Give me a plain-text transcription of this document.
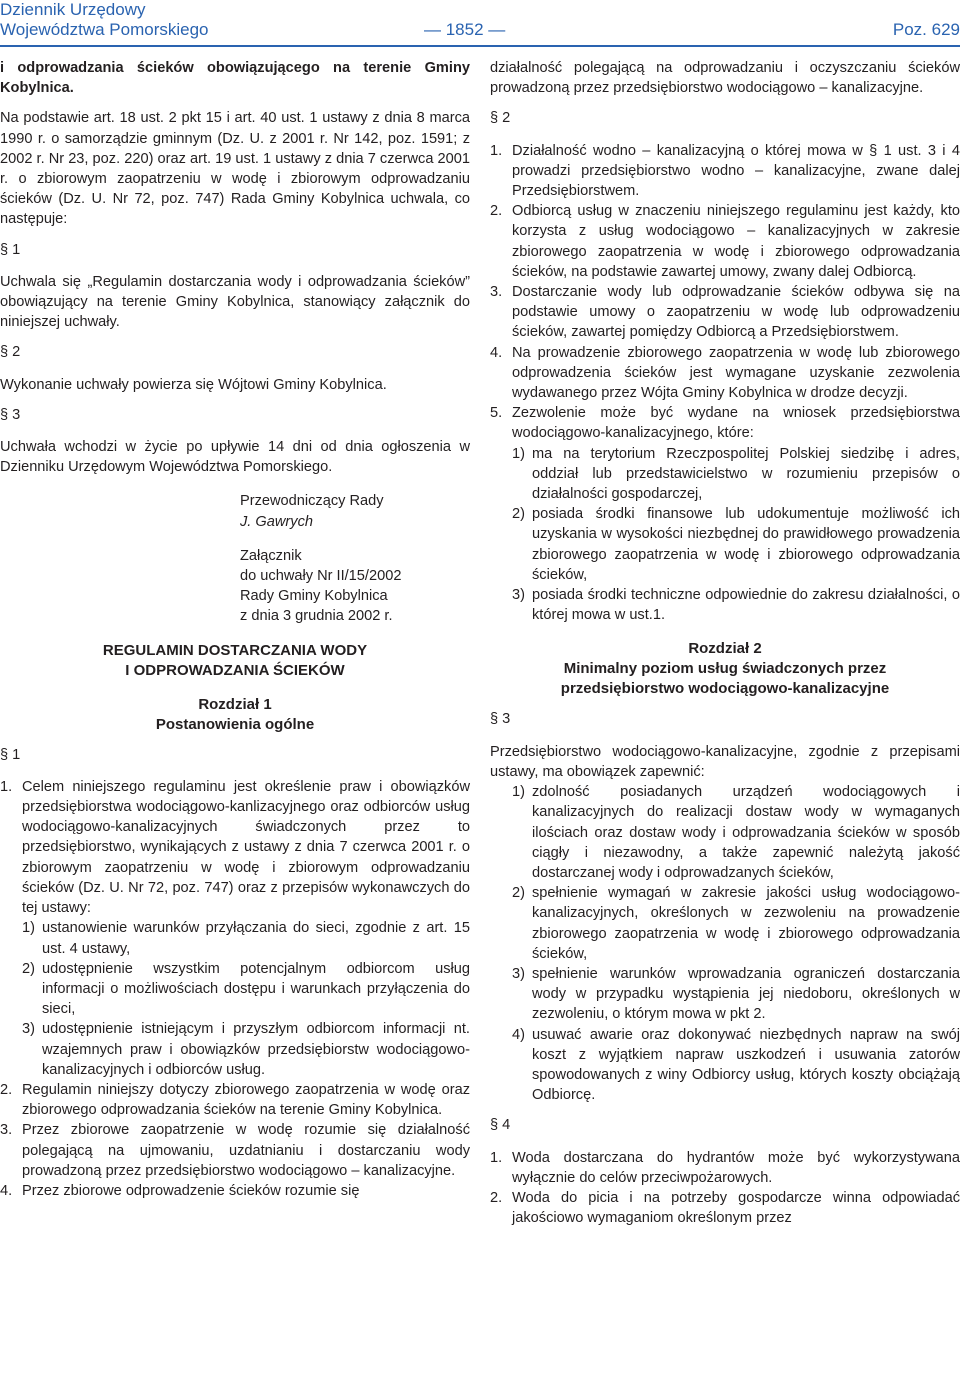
Dziennik Urzędowy
Województwa Pomorskiego	— 1852 —	Poz. 629

i odprowadzania ścieków obowiązującego na terenie Gminy Kobylnica.

Na podstawie art. 18 ust. 2 pkt 15 i art. 40 ust. 1 ustawy z dnia 8 marca 1990 r. o samorządzie gminnym (Dz. U. z 2001 r. Nr 142, poz. 1591; z 2002 r. Nr 23, poz. 220) oraz art. 19 ust. 1 ustawy z dnia 7 czerwca 2001 r. o zbiorowym zaopatrzeniu w wodę i zbiorowym odprowadzaniu ścieków (Dz. U. Nr 72, poz. 747) Rada Gminy Kobylnica uchwala, co następuje:

§ 1

Uchwala się „Regulamin dostarczania wody i odprowadzania ścieków” obowiązujący na terenie Gminy Kobylnica, stanowiący załącznik do niniejszej uchwały.

§ 2

Wykonanie uchwały powierza się Wójtowi Gminy Kobylnica.

§ 3

Uchwała wchodzi w życie po upływie 14 dni od dnia ogłoszenia w Dzienniku Urzędowym Województwa Pomorskiego.

Przewodniczący Rady

J. Gawrych

Załącznik

do uchwały Nr II/15/2002

Rady Gminy Kobylnica

z dnia 3 grudnia 2002 r.

REGULAMIN DOSTARCZANIA WODY

I ODPROWADZANIA ŚCIEKÓW

Rozdział 1

Postanowienia ogólne

§ 1

1. Celem niniejszego regulaminu jest określenie praw i obowiązków przedsiębiorstwa wodociągowo-kanlizacyjnego oraz odbiorców usług wodociągowo-kanalizacyjnych świadczonych przez to przedsiębiorstwo, wynikających z ustawy z dnia 7 czerwca 2001 r. o zbiorowym zaopatrzeniu w wodę i zbiorowym odprowadzaniu ścieków (Dz. U. Nr 72, poz. 747) oraz z przepisów wykonawczych do tej ustawy:
1) ustanowienie warunków przyłączania do sieci, zgodnie z art. 15 ust. 4 ustawy,
2) udostępnienie wszystkim potencjalnym odbiorcom usług informacji o możliwościach dostępu i warunkach przyłączenia do sieci,
3) udostępnienie istniejącym i przyszłym odbiorcom informacji nt. wzajemnych praw i obowiązków przedsiębiorstw wodociągowo-kanalizacyjnych i odbiorców usług.
2. Regulamin niniejszy dotyczy zbiorowego zaopatrzenia w wodę oraz zbiorowego odprowadzania ścieków na terenie Gminy Kobylnica.
3. Przez zbiorowe zaopatrzenie w wodę rozumie się działalność polegającą na ujmowaniu, uzdatnianiu i dostarczaniu wody prowadzoną przez przedsiębiorstwo wodociągowo – kanalizacyjne.
4. Przez zbiorowe odprowadzenie ścieków rozumie się

działalność polegającą na odprowadzaniu i oczyszczaniu ścieków prowadzoną przez przedsiębiorstwo wodociągowo – kanalizacyjne.

§ 2

1. Działalność wodno – kanalizacyjną o której mowa w § 1 ust. 3 i 4 prowadzi przedsiębiorstwo wodno – kanalizacyjne, zwane dalej Przedsiębiorstwem.
2. Odbiorcą usług w znaczeniu niniejszego regulaminu jest każdy, kto korzysta z usług wodociągowo – kanalizacyjnych w zakresie zbiorowego zaopatrzenia w wodę i zbiorowego odprowadzania ścieków, na podstawie zawartej umowy, zwany dalej Odbiorcą.
3. Dostarczanie wody lub odprowadzanie ścieków odbywa się na podstawie umowy o zaopatrzeniu w wodę lub odprowadzeniu ścieków, zawartej pomiędzy Odbiorcą a Przedsiębiorstwem.
4. Na prowadzenie zbiorowego zaopatrzenia w wodę lub zbiorowego odprowadzenia ścieków jest wymagane uzyskanie zezwolenia wydawanego przez Wójta Gminy Kobylnica w drodze decyzji.
5. Zezwolenie może być wydane na wniosek przedsiębiorstwa wodociągowo-kanalizacyjnego, które:
1) ma na terytorium Rzeczpospolitej Polskiej siedzibę i adres, oddział lub przedstawicielstwo w rozumieniu przepisów o działalności gospodarczej,
2) posiada środki finansowe lub udokumentuje możliwość ich uzyskania w wysokości niezbędnej do prawidłowego prowadzenia zbiorowego zaopatrzenia w wodę i zbiorowego odprowadzania ścieków,
3) posiada środki techniczne odpowiednie do zakresu działalności, o której mowa w ust.1.

Rozdział 2

Minimalny poziom usług świadczonych przez

przedsiębiorstwo wodociągowo-kanalizacyjne

§ 3

Przedsiębiorstwo wodociągowo-kanalizacyjne, zgodnie z przepisami ustawy, ma obowiązek zapewnić:

1) zdolność posiadanych urządzeń wodociągowych i kanalizacyjnych do realizacji dostaw wody w wymaganych ilościach oraz dostaw wody i odprowadzania ścieków w sposób ciągły i niezawodny, a także zapewnić należytą jakość dostarczanej wody i odprowadzanych ścieków,
2) spełnienie wymagań w zakresie jakości usług wodociągowo-kanalizacyjnych, określonych w zezwoleniu na prowadzenie zbiorowego zaopatrzenia w wodę i zbiorowego odprowadzania ścieków,
3) spełnienie warunków wprowadzania ograniczeń dostarczania wody w przypadku wystąpienia jej niedoboru, określonych w zezwoleniu, o którym mowa w pkt 2.
4) usuwać awarie oraz dokonywać niezbędnych napraw na swój koszt z wyjątkiem napraw uszkodzeń i usuwania zatorów spowodowanych z winy Odbiorcy usług, których koszty obciążają Odbiorcę.

§ 4

1. Woda dostarczana do hydrantów może być wykorzystywana wyłącznie do celów przeciwpożarowych.
2. Woda do picia i na potrzeby gospodarcze winna odpowiadać jakościowo wymaganiom określonym przez
